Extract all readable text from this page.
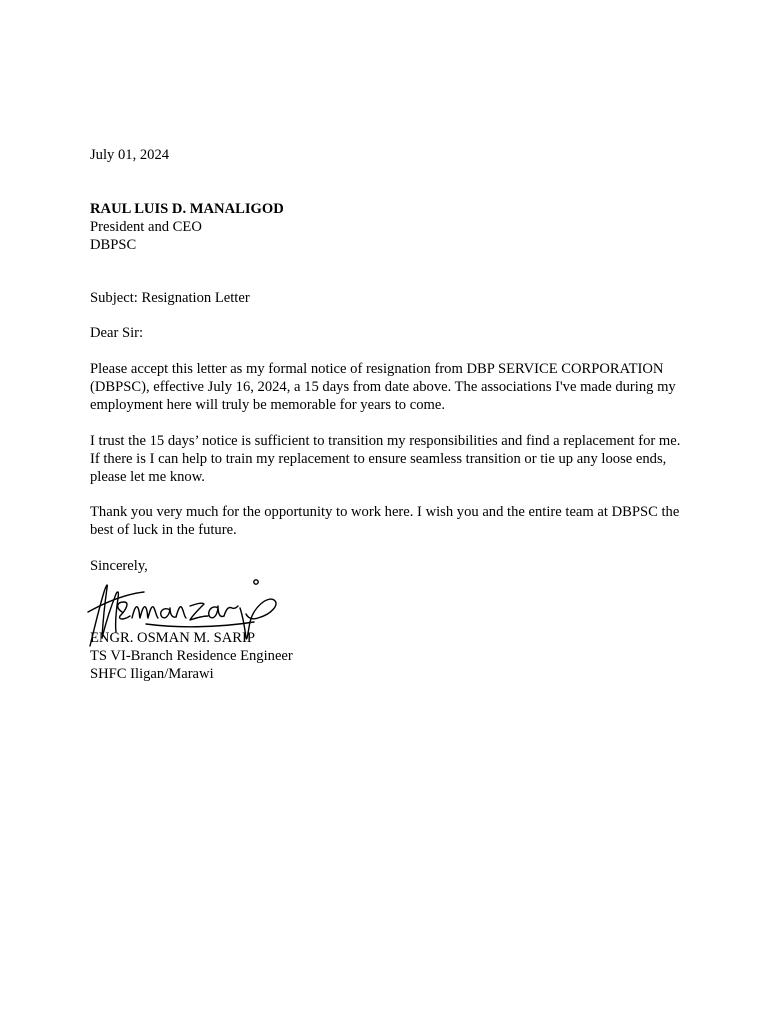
July 01, 2024
RAUL LUIS D. MANALIGOD
President and CEO
DBPSC
Subject: Resignation Letter
Dear Sir:
Please accept this letter as my formal notice of resignation from DBP SERVICE CORPORATION (DBPSC), effective July 16, 2024, a 15 days from date above. The associations I've made during my employment here will truly be memorable for years to come.
I trust the 15 days’ notice is sufficient to transition my responsibilities and find a replacement for me. If there is I can help to train my replacement to ensure seamless transition or tie up any loose ends, please let me know.
Thank you very much for the opportunity to work here. I wish you and the entire team at DBPSC the best of luck in the future.
Sincerely,
ENGR. OSMAN M. SARIP
TS VI-Branch Residence Engineer
SHFC Iligan/Marawi
